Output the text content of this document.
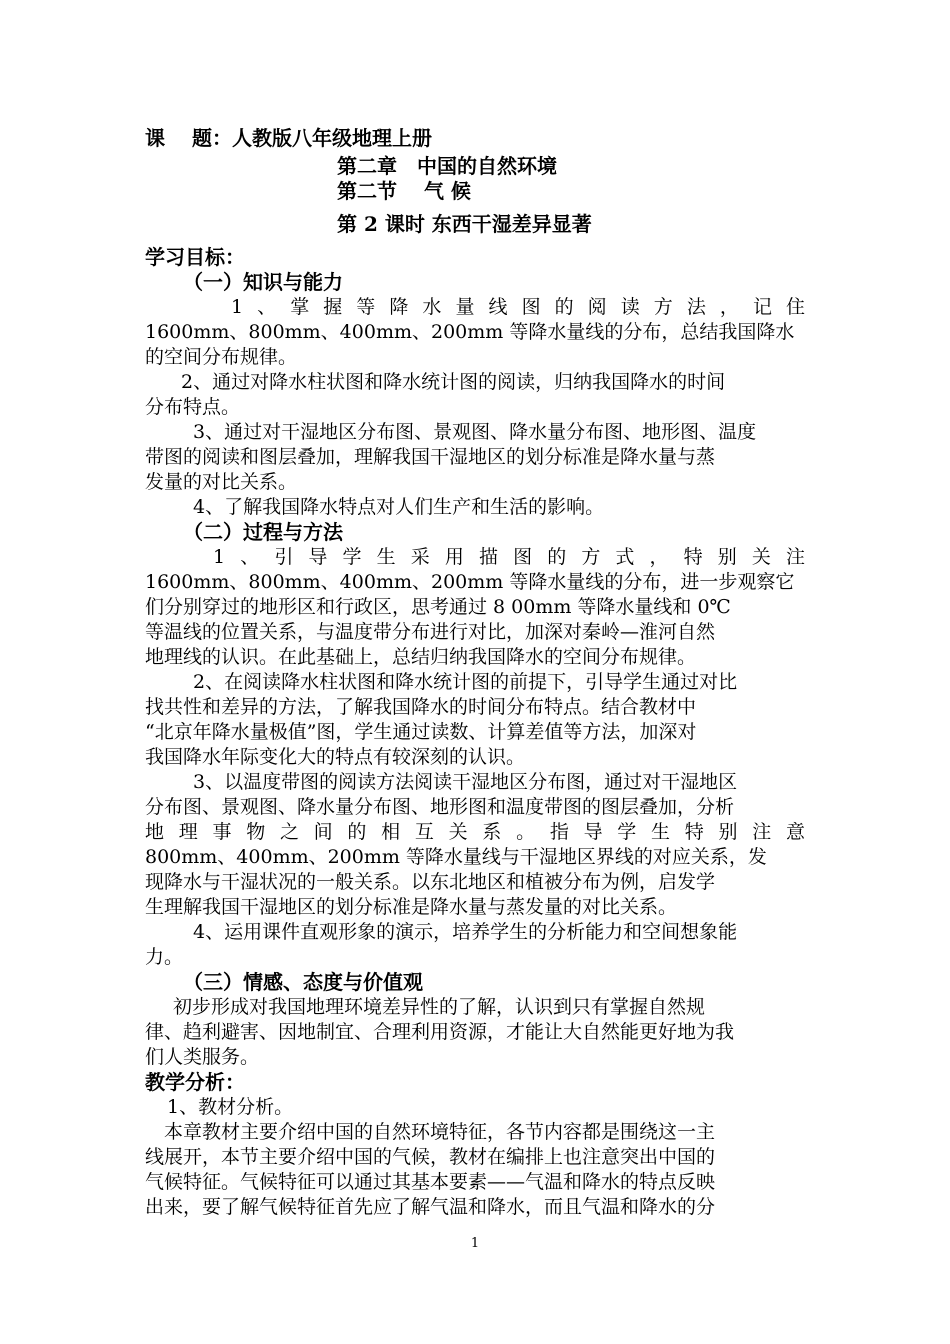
课　 题：人教版八年级地理上册

第二章　中国的自然环境

第二节　 气 候

第 2 课时 东西干湿差异显著

学习目标：

（一）知识与能力

1、掌握等降水量线图的阅读方法，记住

1600mm、800mm、400mm、200mm 等降水量线的分布，总结我国降水

的空间分布规律。

2、通过对降水柱状图和降水统计图的阅读，归纳我国降水的时间

分布特点。

3、通过对干湿地区分布图、景观图、降水量分布图、地形图、温度

带图的阅读和图层叠加，理解我国干湿地区的划分标准是降水量与蒸

发量的对比关系。

4、了解我国降水特点对人们生产和生活的影响。

（二）过程与方法

1、引导学生采用描图的方式，特别关注

1600mm、800mm、400mm、200mm 等降水量线的分布，进一步观察它

们分别穿过的地形区和行政区，思考通过 8 00mm 等降水量线和 0℃

等温线的位置关系，与温度带分布进行对比，加深对秦岭—淮河自然

地理线的认识。在此基础上，总结归纳我国降水的空间分布规律。

2、在阅读降水柱状图和降水统计图的前提下，引导学生通过对比

找共性和差异的方法，了解我国降水的时间分布特点。结合教材中

“北京年降水量极值”图，学生通过读数、计算差值等方法，加深对

我国降水年际变化大的特点有较深刻的认识。

3、以温度带图的阅读方法阅读干湿地区分布图，通过对干湿地区

分布图、景观图、降水量分布图、地形图和温度带图的图层叠加，分析

地理事物之间的相互关系。指导学生特别注意

800mm、400mm、200mm 等降水量线与干湿地区界线的对应关系，发

现降水与干湿状况的一般关系。以东北地区和植被分布为例，启发学

生理解我国干湿地区的划分标准是降水量与蒸发量的对比关系。

4、运用课件直观形象的演示，培养学生的分析能力和空间想象能

力。

（三）情感、态度与价值观

初步形成对我国地理环境差异性的了解，认识到只有掌握自然规

律、趋利避害、因地制宜、合理利用资源，才能让大自然能更好地为我

们人类服务。

教学分析：

1、教材分析。

本章教材主要介绍中国的自然环境特征，各节内容都是围绕这一主

线展开，本节主要介绍中国的气候，教材在编排上也注意突出中国的

气候特征。气候特征可以通过其基本要素——气温和降水的特点反映

出来，要了解气候特征首先应了解气温和降水，而且气温和降水的分

1
